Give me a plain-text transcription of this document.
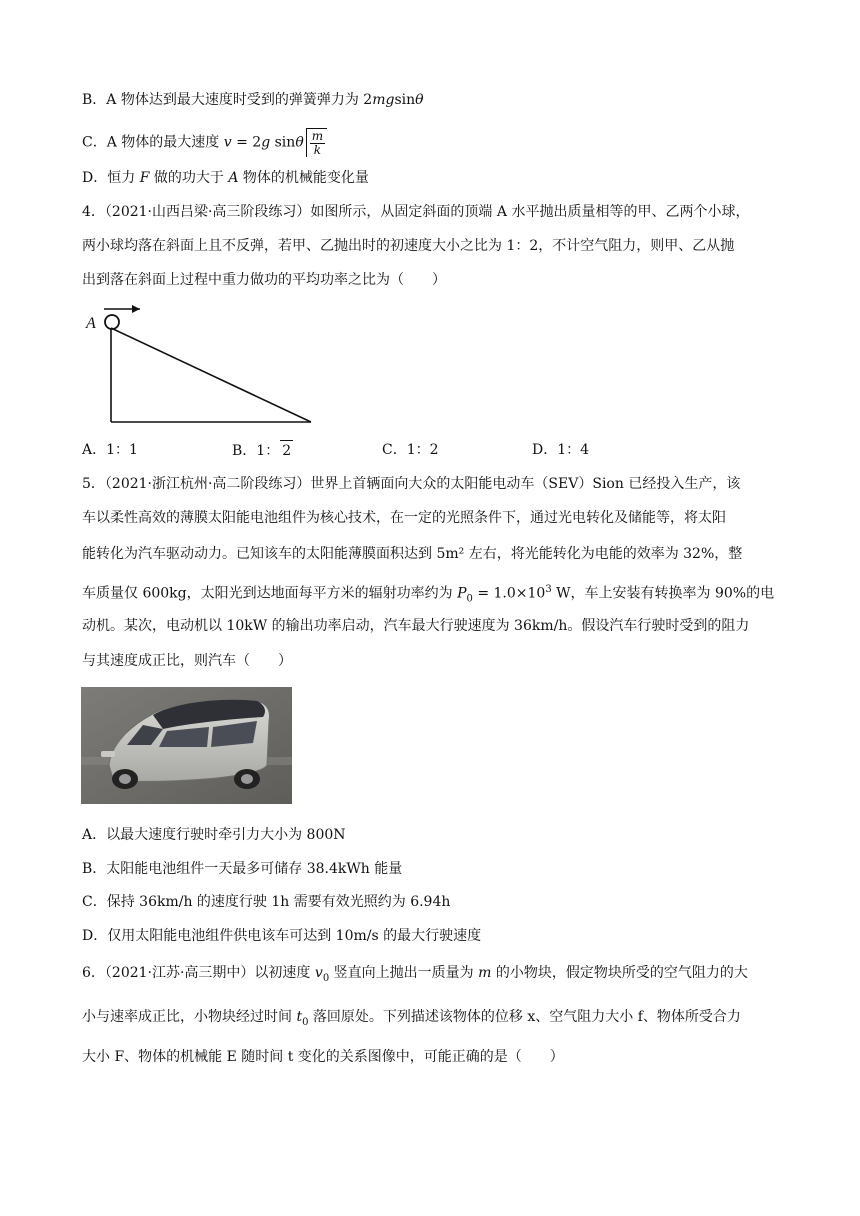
B．A 物体达到最大速度时受到的弹簧弹力为 2mgsinθ
C．A 物体的最大速度 v = 2g sinθ $\frac{m}{k}$
D．恒力 F 做的功大于 A 物体的机械能变化量
4．（2021·山西吕梁·高三阶段练习）如图所示，从固定斜面的顶端 A 水平抛出质量相等的甲、乙两个小球，
两小球均落在斜面上且不反弹，若甲、乙抛出时的初速度大小之比为 1：2，不计空气阻力，则甲、乙从抛
出到落在斜面上过程中重力做功的平均功率之比为（　　）
A
A．1：1	B．1： 2	C．1：2	D．1：4
5．（2021·浙江杭州·高二阶段练习）世界上首辆面向大众的太阳能电动车（SEV）Sion 已经投入生产，该
车以柔性高效的薄膜太阳能电池组件为核心技术，在一定的光照条件下，通过光电转化及储能等，将太阳
能转化为汽车驱动动力。已知该车的太阳能薄膜面积达到 5m² 左右，将光能转化为电能的效率为 32%，整
车质量仅 600kg，太阳光到达地面每平方米的辐射功率约为 $P_0 = 1.0\times 10^3$ W，车上安装有转换率为 90%的电
动机。某次，电动机以 10kW 的输出功率启动，汽车最大行驶速度为 36km/h。假设汽车行驶时受到的阻力
与其速度成正比，则汽车（　　）
A．以最大速度行驶时牵引力大小为 800N
B．太阳能电池组件一天最多可储存 38.4kWh 能量
C．保持 36km/h 的速度行驶 1h 需要有效光照约为 6.94h
D．仅用太阳能电池组件供电该车可达到 10m/s 的最大行驶速度
6．（2021·江苏·高三期中）以初速度 $v_0$ 竖直向上抛出一质量为 m 的小物块，假定物块所受的空气阻力的大
小与速率成正比，小物块经过时间 $t_0$ 落回原处。下列描述该物体的位移 x、空气阻力大小 f、物体所受合力
大小 F、物体的机械能 E 随时间 t 变化的关系图像中，可能正确的是（　　）
